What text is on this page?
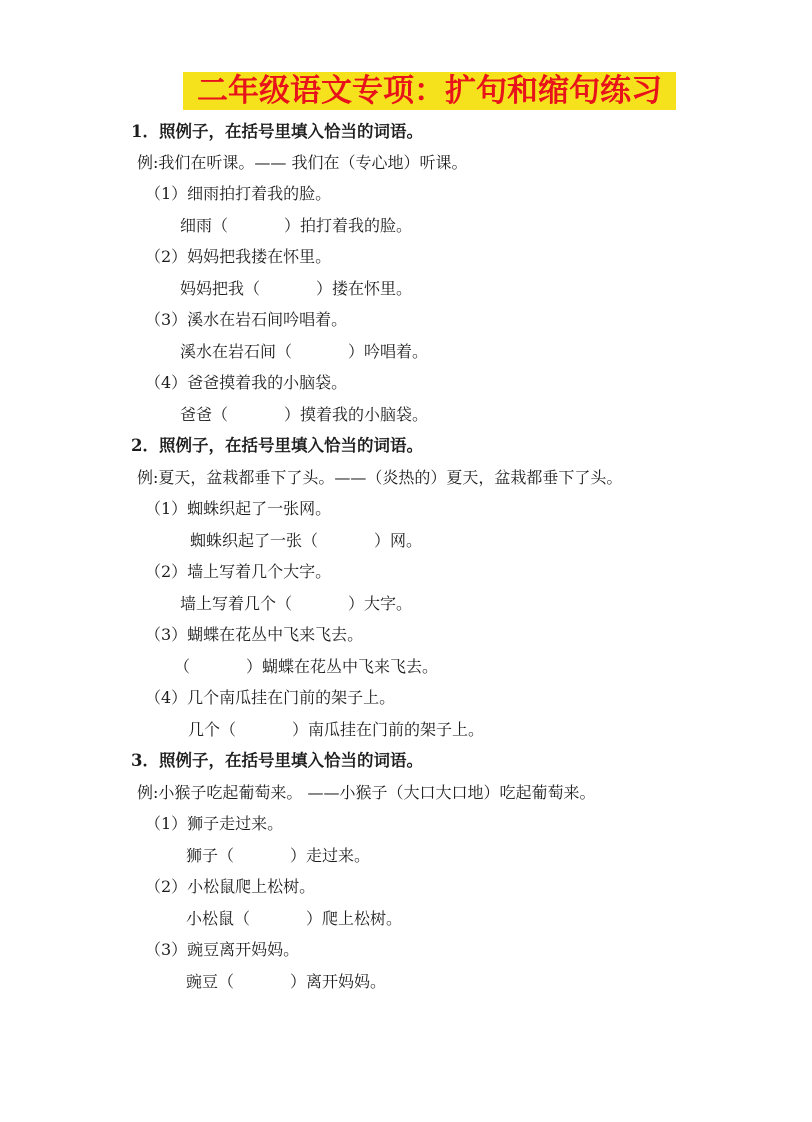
二年级语文专项：扩句和缩句练习
1．照例子，在括号里填入恰当的词语。
例:我们在听课。—— 我们在（专心地）听课。
（1）细雨拍打着我的脸。
细雨（	）拍打着我的脸。
（2）妈妈把我搂在怀里。
妈妈把我（	）搂在怀里。
（3）溪水在岩石间吟唱着。
溪水在岩石间（	）吟唱着。
（4）爸爸摸着我的小脑袋。
爸爸（	）摸着我的小脑袋。
2．照例子，在括号里填入恰当的词语。
例:夏天，盆栽都垂下了头。——（炎热的）夏天，盆栽都垂下了头。
（1）蜘蛛织起了一张网。
蜘蛛织起了一张（	）网。
（2）墙上写着几个大字。
墙上写着几个（	）大字。
（3）蝴蝶在花丛中飞来飞去。
（	）蝴蝶在花丛中飞来飞去。
（4）几个南瓜挂在门前的架子上。
几个（	）南瓜挂在门前的架子上。
3．照例子，在括号里填入恰当的词语。
例:小猴子吃起葡萄来。 ——小猴子（大口大口地）吃起葡萄来。
（1）狮子走过来。
狮子（	）走过来。
（2）小松鼠爬上松树。
小松鼠（	）爬上松树。
（3）豌豆离开妈妈。
豌豆（	）离开妈妈。
